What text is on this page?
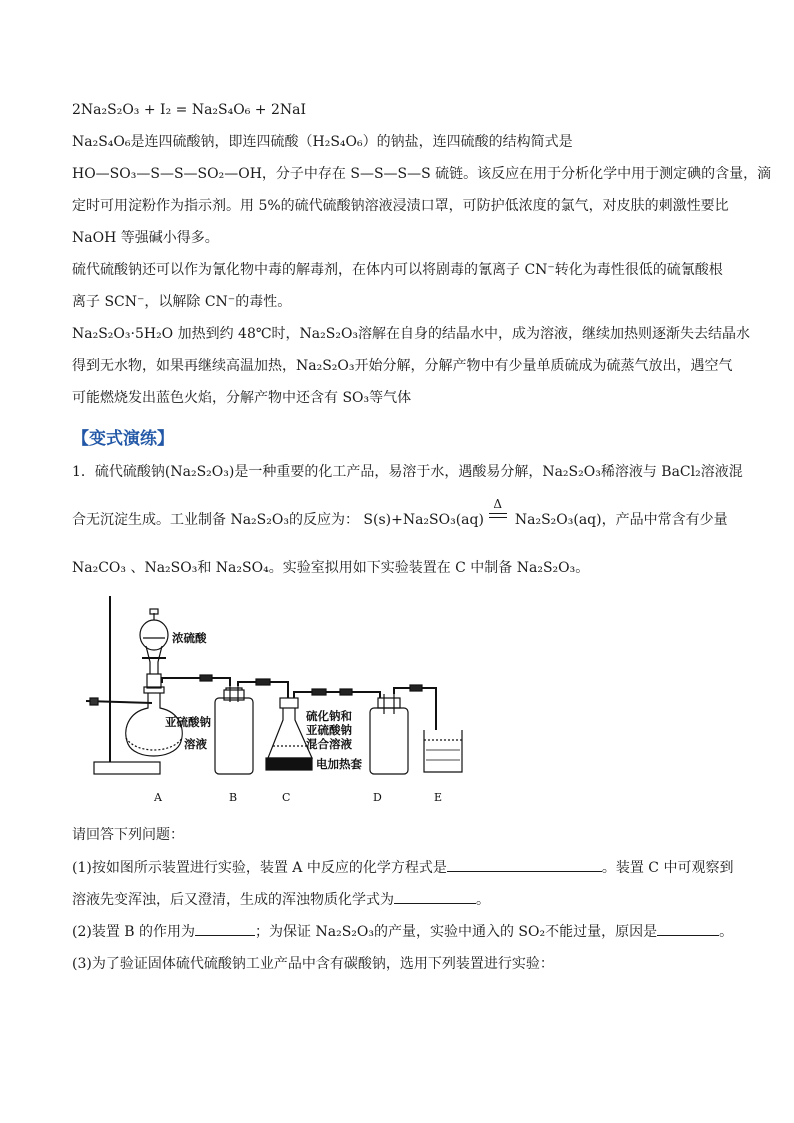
2Na₂S₂O₃ + I₂ = Na₂S₄O₆ + 2NaI
Na₂S₄O₆是连四硫酸钠，即连四硫酸（H₂S₄O₆）的钠盐，连四硫酸的结构简式是
HO—SO₃—S—S—SO₂—OH，分子中存在 S—S—S—S 硫链。该反应在用于分析化学中用于测定碘的含量，滴
定时可用淀粉作为指示剂。用 5%的硫代硫酸钠溶液浸渍口罩，可防护低浓度的氯气，对皮肤的刺激性要比
NaOH 等强碱小得多。
硫代硫酸钠还可以作为氰化物中毒的解毒剂，在体内可以将剧毒的氰离子 CN⁻转化为毒性很低的硫氰酸根
离子 SCN⁻，以解除 CN⁻的毒性。
Na₂S₂O₃·5H₂O 加热到约 48℃时，Na₂S₂O₃溶解在自身的结晶水中，成为溶液，继续加热则逐渐失去结晶水
得到无水物，如果再继续高温加热，Na₂S₂O₃开始分解，分解产物中有少量单质硫成为硫蒸气放出，遇空气
可能燃烧发出蓝色火焰，分解产物中还含有 SO₃等气体
【变式演练】
1．硫代硫酸钠(Na₂S₂O₃)是一种重要的化工产品，易溶于水，遇酸易分解，Na₂S₂O₃稀溶液与 BaCl₂溶液混
合无沉淀生成。工业制备 Na₂S₂O₃的反应为： S(s)+Na₂SO₃(aq)
Δ
Na₂S₂O₃(aq)，产品中常含有少量
Na₂CO₃ 、Na₂SO₃和 Na₂SO₄。实验室拟用如下实验装置在 C 中制备 Na₂S₂O₃。
浓硫酸
亚硫酸钠
溶液
硫化钠和
亚硫酸钠
混合溶液
电加热套
A	B	C	D	E
请回答下列问题：
(1)按如图所示装置进行实验，装置 A 中反应的化学方程式是	。装置 C 中可观察到
溶液先变浑浊，后又澄清，生成的浑浊物质化学式为	。
(2)装置 B 的作用为	；为保证 Na₂S₂O₃的产量，实验中通入的 SO₂不能过量，原因是	。
(3)为了验证固体硫代硫酸钠工业产品中含有碳酸钠，选用下列装置进行实验：
